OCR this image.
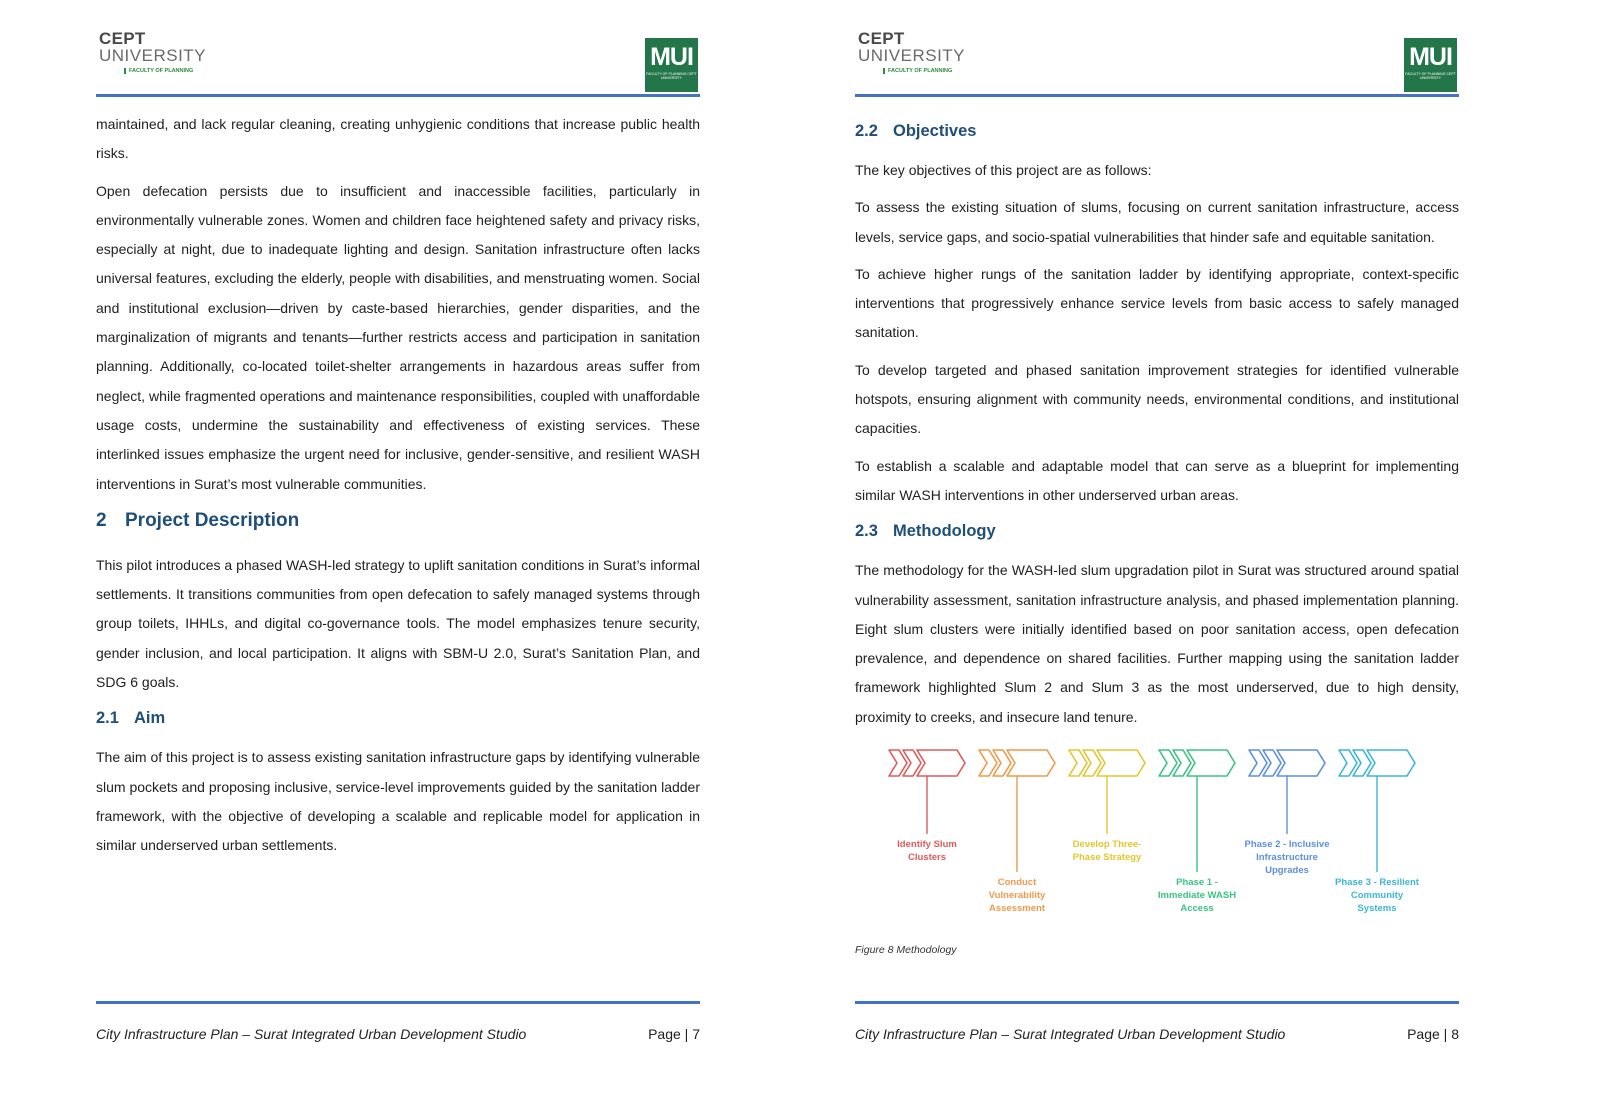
CEPT
UNIVERSITY
FACULTY OF PLANNING	MUI
FACULTY OF PLANNING CEPT UNIVERSITY

maintained, and lack regular cleaning, creating unhygienic conditions that increase public health risks.

Open defecation persists due to insufficient and inaccessible facilities, particularly in environmentally vulnerable zones. Women and children face heightened safety and privacy risks, especially at night, due to inadequate lighting and design. Sanitation infrastructure often lacks universal features, excluding the elderly, people with disabilities, and menstruating women. Social and institutional exclusion—driven by caste-based hierarchies, gender disparities, and the marginalization of migrants and tenants—further restricts access and participation in sanitation planning. Additionally, co-located toilet-shelter arrangements in hazardous areas suffer from neglect, while fragmented operations and maintenance responsibilities, coupled with unaffordable usage costs, undermine the sustainability and effectiveness of existing services. These interlinked issues emphasize the urgent need for inclusive, gender-sensitive, and resilient WASH interventions in Surat’s most vulnerable communities.

2 Project Description

This pilot introduces a phased WASH-led strategy to uplift sanitation conditions in Surat’s informal settlements. It transitions communities from open defecation to safely managed systems through group toilets, IHHLs, and digital co-governance tools. The model emphasizes tenure security, gender inclusion, and local participation. It aligns with SBM-U 2.0, Surat’s Sanitation Plan, and SDG 6 goals.

2.1 Aim

The aim of this project is to assess existing sanitation infrastructure gaps by identifying vulnerable slum pockets and proposing inclusive, service-level improvements guided by the sanitation ladder framework, with the objective of developing a scalable and replicable model for application in similar underserved urban settlements.

City Infrastructure Plan – Surat Integrated Urban Development Studio	Page | 7
CEPT
UNIVERSITY
FACULTY OF PLANNING	MUI
FACULTY OF PLANNING CEPT UNIVERSITY
2.2 Objectives

The key objectives of this project are as follows:

To assess the existing situation of slums, focusing on current sanitation infrastructure, access levels, service gaps, and socio-spatial vulnerabilities that hinder safe and equitable sanitation.

To achieve higher rungs of the sanitation ladder by identifying appropriate, context-specific interventions that progressively enhance service levels from basic access to safely managed sanitation.

To develop targeted and phased sanitation improvement strategies for identified vulnerable hotspots, ensuring alignment with community needs, environmental conditions, and institutional capacities.

To establish a scalable and adaptable model that can serve as a blueprint for implementing similar WASH interventions in other underserved urban areas.

2.3 Methodology

The methodology for the WASH-led slum upgradation pilot in Surat was structured around spatial vulnerability assessment, sanitation infrastructure analysis, and phased implementation planning. Eight slum clusters were initially identified based on poor sanitation access, open defecation prevalence, and dependence on shared facilities. Further mapping using the sanitation ladder framework highlighted Slum 2 and Slum 3 as the most underserved, due to high density, proximity to creeks, and insecure land tenure.

Identify Slum Clusters
Conduct Vulnerability Assessment
Develop Three-Phase Strategy
Phase 1 - Immediate WASH Access
Phase 2 - Inclusive Infrastructure Upgrades
Phase 3 - Resilient Community Systems
Figure 8 Methodology
City Infrastructure Plan – Surat Integrated Urban Development Studio	Page | 8
